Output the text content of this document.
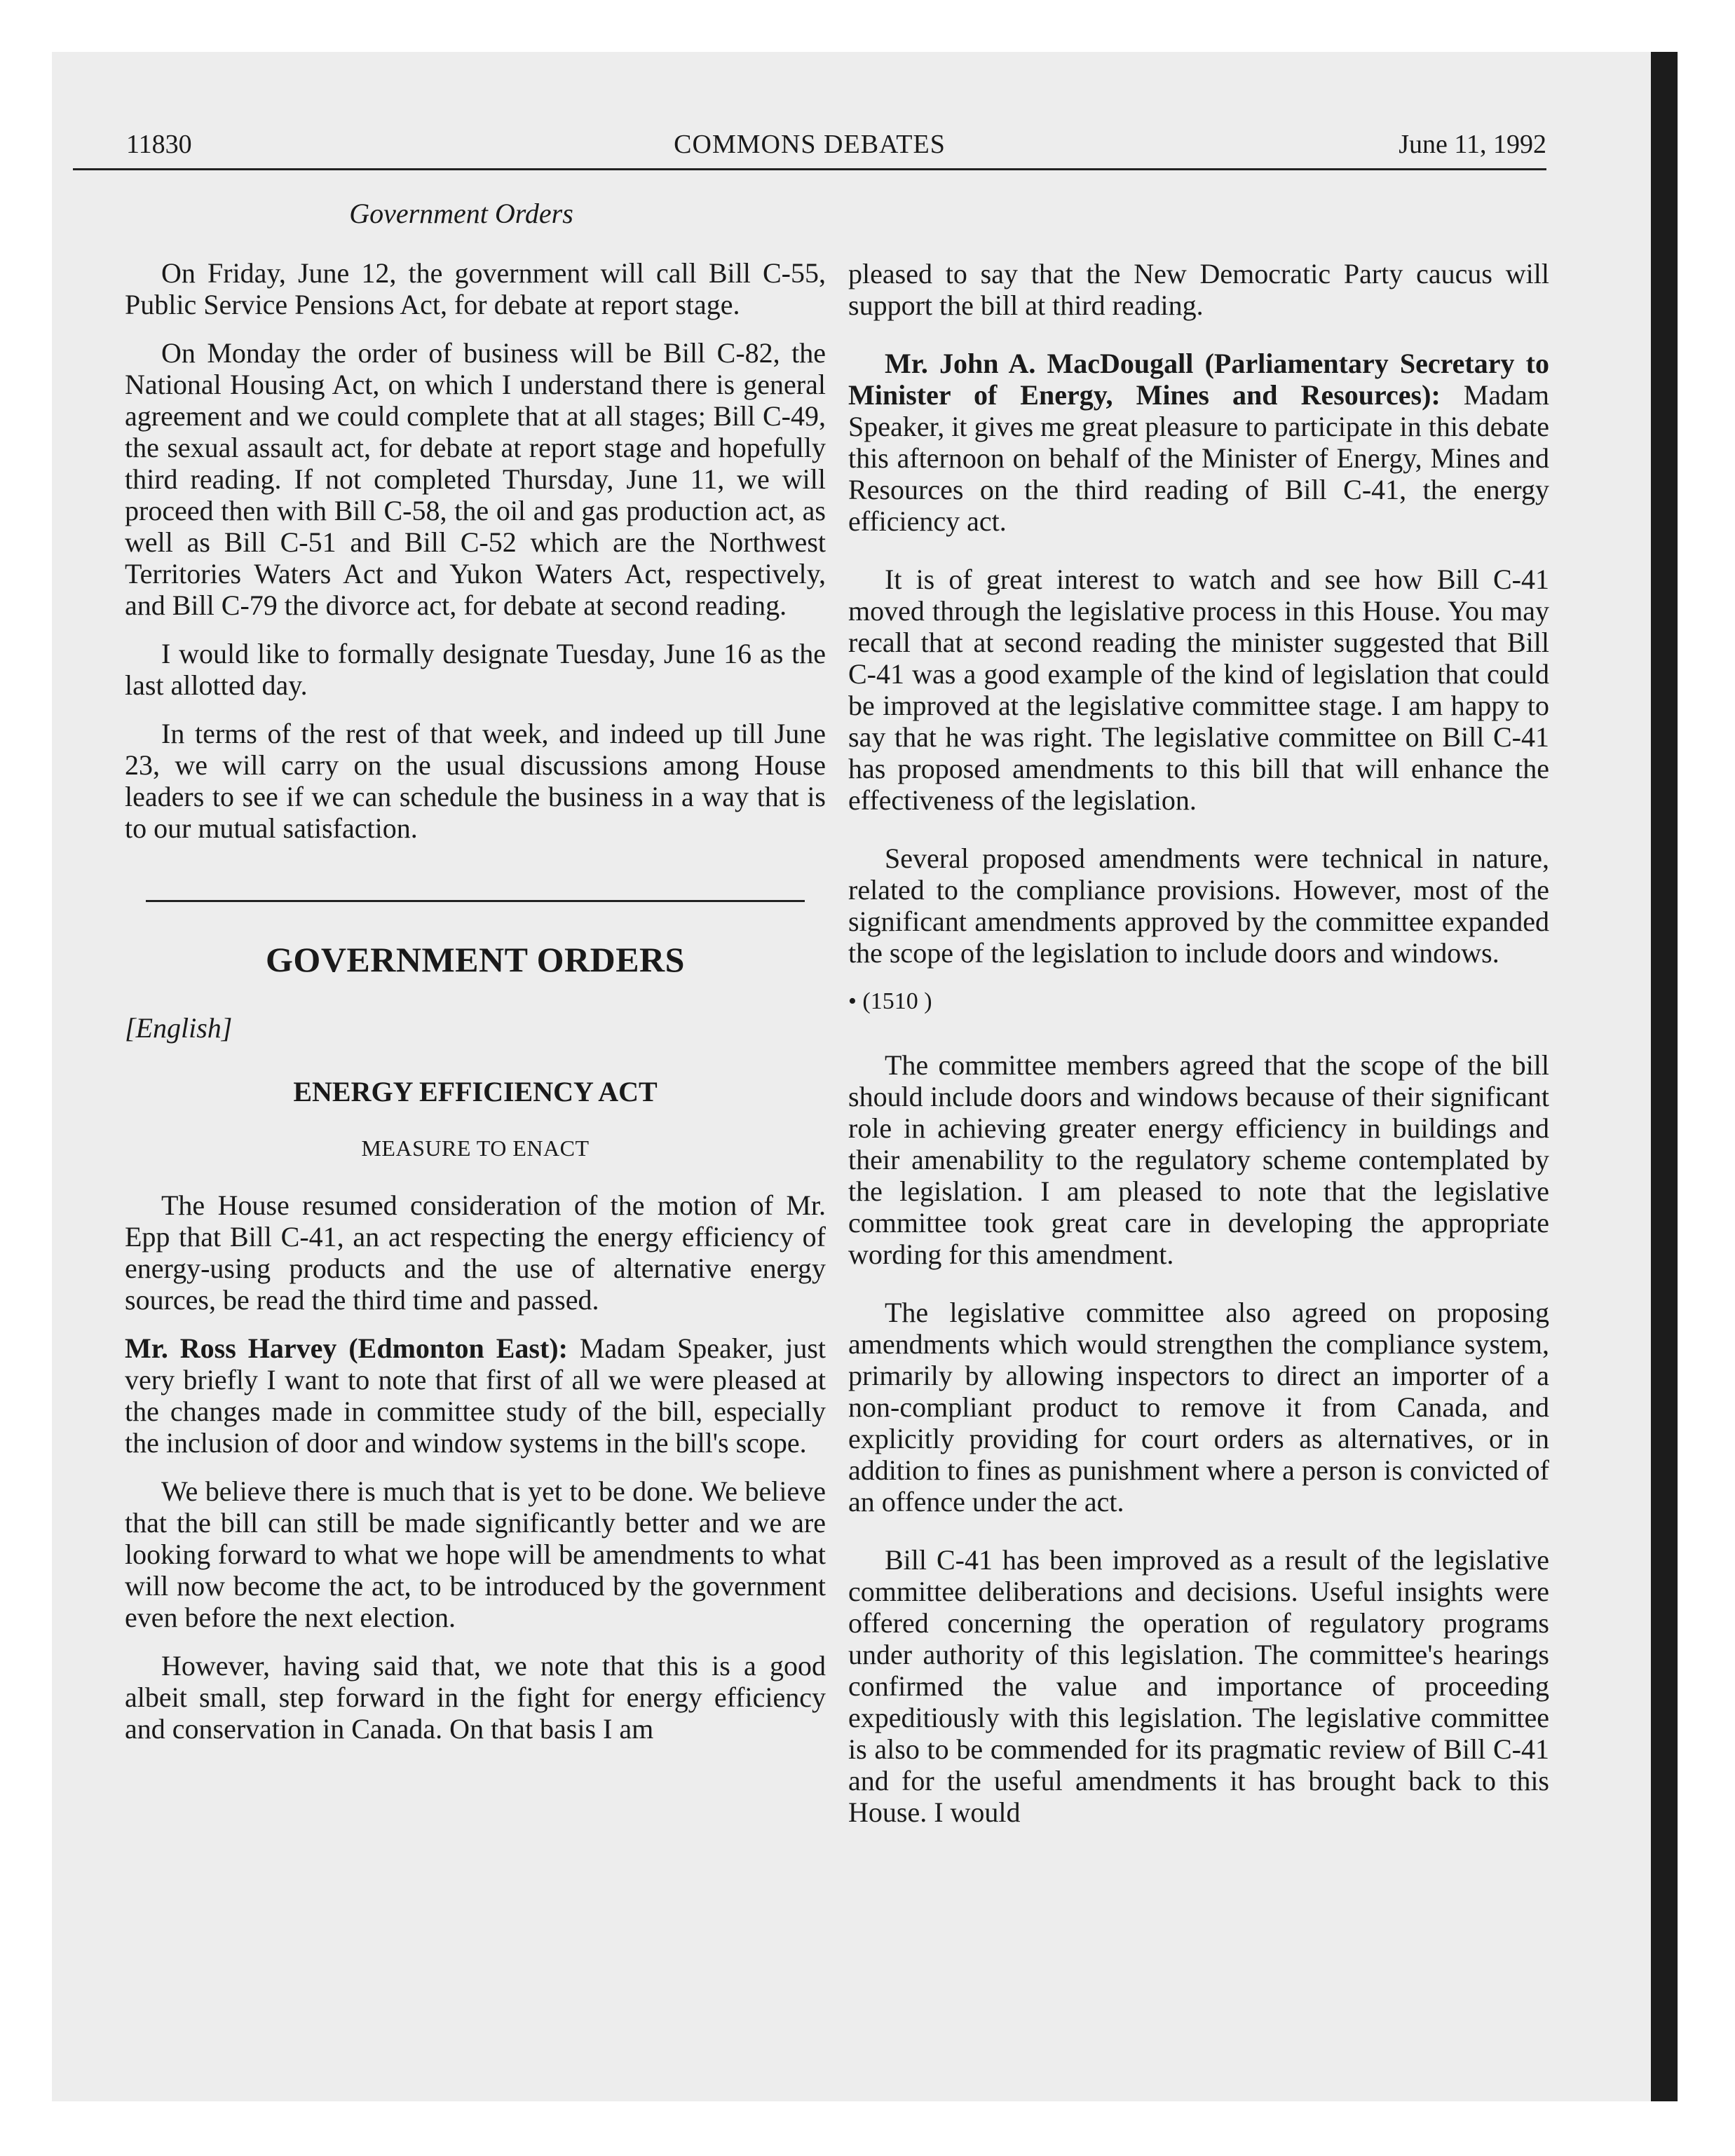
11830	COMMONS DEBATES	June 11, 1992
Government Orders

On Friday, June 12, the government will call Bill C-55, Public Service Pensions Act, for debate at report stage.

On Monday the order of business will be Bill C-82, the National Housing Act, on which I understand there is general agreement and we could complete that at all stages; Bill C-49, the sexual assault act, for debate at report stage and hopefully third reading. If not completed Thursday, June 11, we will proceed then with Bill C-58, the oil and gas production act, as well as Bill C-51 and Bill C-52 which are the Northwest Territories Waters Act and Yukon Waters Act, respectively, and Bill C-79 the divorce act, for debate at second reading.

I would like to formally designate Tuesday, June 16 as the last allotted day.

In terms of the rest of that week, and indeed up till June 23, we will carry on the usual discussions among House leaders to see if we can schedule the business in a way that is to our mutual satisfaction.

GOVERNMENT ORDERS
[English]
ENERGY EFFICIENCY ACT
MEASURE TO ENACT

The House resumed consideration of the motion of Mr. Epp that Bill C-41, an act respecting the energy efficiency of energy-using products and the use of alternative energy sources, be read the third time and passed.

Mr. Ross Harvey (Edmonton East): Madam Speaker, just very briefly I want to note that first of all we were pleased at the changes made in committee study of the bill, especially the inclusion of door and window systems in the bill's scope.

We believe there is much that is yet to be done. We believe that the bill can still be made significantly better and we are looking forward to what we hope will be amendments to what will now become the act, to be introduced by the government even before the next election.

However, having said that, we note that this is a good albeit small, step forward in the fight for energy efficiency and conservation in Canada. On that basis I am

pleased to say that the New Democratic Party caucus will support the bill at third reading.

Mr. John A. MacDougall (Parliamentary Secretary to Minister of Energy, Mines and Resources): Madam Speaker, it gives me great pleasure to participate in this debate this afternoon on behalf of the Minister of Energy, Mines and Resources on the third reading of Bill C-41, the energy efficiency act.

It is of great interest to watch and see how Bill C-41 moved through the legislative process in this House. You may recall that at second reading the minister suggested that Bill C-41 was a good example of the kind of legislation that could be improved at the legislative committee stage. I am happy to say that he was right. The legislative committee on Bill C-41 has proposed amendments to this bill that will enhance the effectiveness of the legislation.

Several proposed amendments were technical in nature, related to the compliance provisions. However, most of the significant amendments approved by the committee expanded the scope of the legislation to include doors and windows.

• (1510 )

The committee members agreed that the scope of the bill should include doors and windows because of their significant role in achieving greater energy efficiency in buildings and their amenability to the regulatory scheme contemplated by the legislation. I am pleased to note that the legislative committee took great care in developing the appropriate wording for this amendment.

The legislative committee also agreed on proposing amendments which would strengthen the compliance system, primarily by allowing inspectors to direct an importer of a non-compliant product to remove it from Canada, and explicitly providing for court orders as alternatives, or in addition to fines as punishment where a person is convicted of an offence under the act.

Bill C-41 has been improved as a result of the legislative committee deliberations and decisions. Useful insights were offered concerning the operation of regulatory programs under authority of this legislation. The committee's hearings confirmed the value and importance of proceeding expeditiously with this legislation. The legislative committee is also to be commended for its pragmatic review of Bill C-41 and for the useful amendments it has brought back to this House. I would
